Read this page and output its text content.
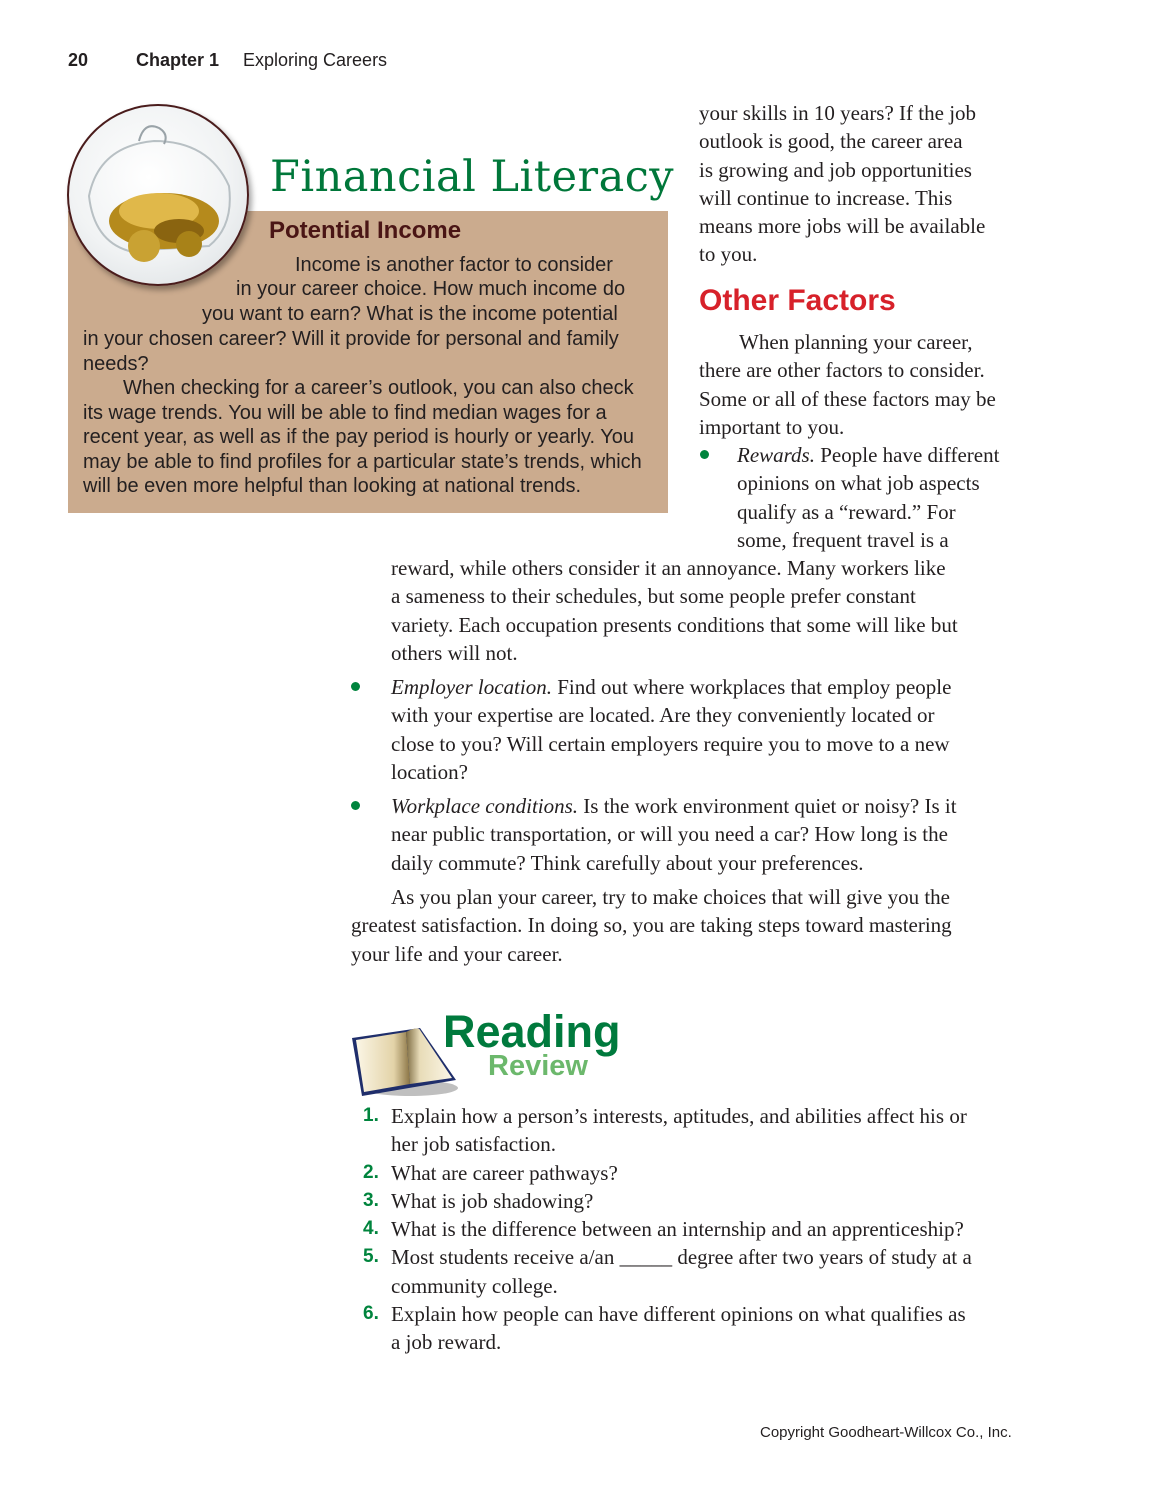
20	Chapter 1 Exploring Careers
Financial Literacy
Potential Income
Income is another factor to consider
in your career choice. How much income do
you want to earn? What is the income potential
in your chosen career? Will it provide for personal and family
needs?
When checking for a career’s outlook, you can also check
its wage trends. You will be able to find median wages for a
recent year, as well as if the pay period is hourly or yearly. You
may be able to find profiles for a particular state’s trends, which
will be even more helpful than looking at national trends.
your skills in 10 years? If the job
outlook is good, the career area
is growing and job opportunities
will continue to increase. This
means more jobs will be available
to you.
Other Factors
When planning your career,
there are other factors to consider.
Some or all of these factors may be
important to you.
Rewards. People have different
opinions on what job aspects
qualify as a “reward.” For
some, frequent travel is a
reward, while others consider it an annoyance. Many workers like
a sameness to their schedules, but some people prefer constant
variety. Each occupation presents conditions that some will like but
others will not.
Employer location. Find out where workplaces that employ people
with your expertise are located. Are they conveniently located or
close to you? Will certain employers require you to move to a new
location?
Workplace conditions. Is the work environment quiet or noisy? Is it
near public transportation, or will you need a car? How long is the
daily commute? Think carefully about your preferences.
As you plan your career, try to make choices that will give you the
greatest satisfaction. In doing so, you are taking steps toward mastering
your life and your career.
Reading
Review
1. Explain how a person’s interests, aptitudes, and abilities affect his or
her job satisfaction.
2. What are career pathways?
3. What is job shadowing?
4. What is the difference between an internship and an apprenticeship?
5. Most students receive a/an _____ degree after two years of study at a
community college.
6. Explain how people can have different opinions on what qualifies as
a job reward.
Copyright Goodheart-Willcox Co., Inc.
